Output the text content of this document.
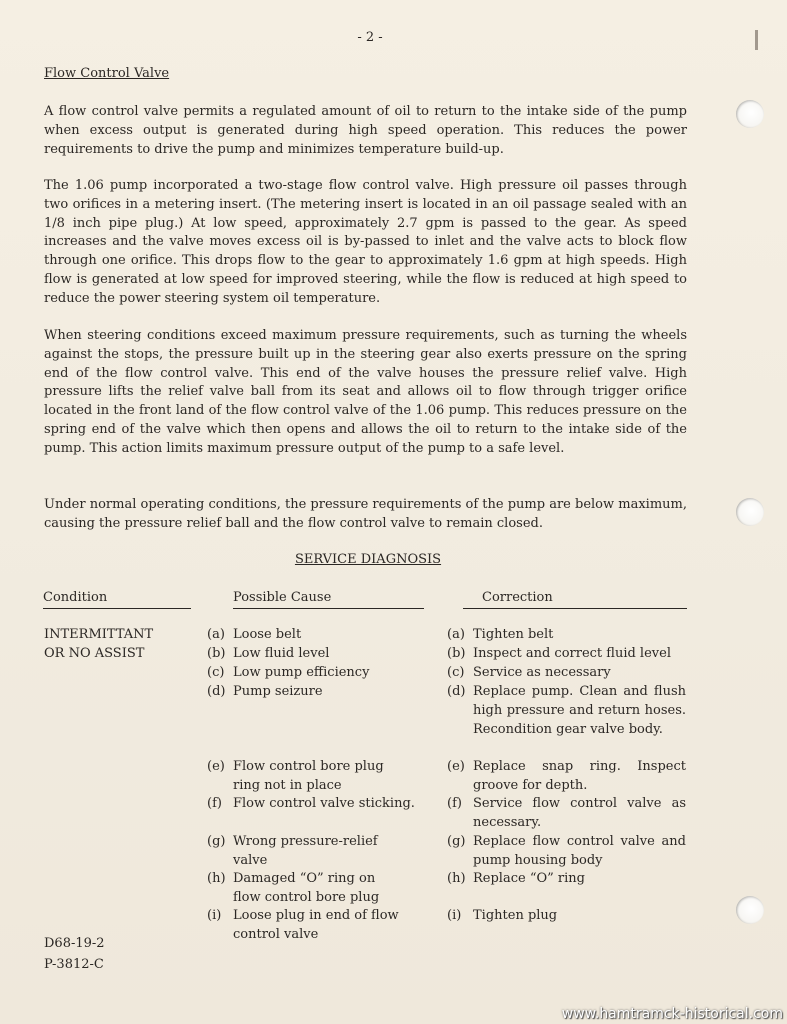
- 2 -
Flow Control Valve

A flow control valve permits a regulated amount of oil to return to the intake side of the pump when excess output is generated during high speed operation. This reduces the power requirements to drive the pump and minimizes temperature build-up.

The 1.06 pump incorporated a two-stage flow control valve. High pressure oil passes through two orifices in a metering insert. (The metering insert is located in an oil passage sealed with an 1/8 inch pipe plug.) At low speed, approximately 2.7 gpm is passed to the gear. As speed increases and the valve moves excess oil is by-passed to inlet and the valve acts to block flow through one orifice. This drops flow to the gear to approximately 1.6 gpm at high speeds. High flow is generated at low speed for improved steering, while the flow is reduced at high speed to reduce the power steering system oil temperature.

When steering conditions exceed maximum pressure requirements, such as turning the wheels against the stops, the pressure built up in the steering gear also exerts pressure on the spring end of the flow control valve. This end of the valve houses the pressure relief valve. High pressure lifts the relief valve ball from its seat and allows oil to flow through trigger orifice located in the front land of the flow control valve of the 1.06 pump. This reduces pressure on the spring end of the valve which then opens and allows the oil to return to the intake side of the pump. This action limits maximum pressure output of the pump to a safe level.

Under normal operating conditions, the pressure requirements of the pump are below maximum, causing the pressure relief ball and the flow control valve to remain closed.

SERVICE DIAGNOSIS
Condition	Possible Cause	Correction
INTERMITTANT
OR NO ASSIST
(a) Loose belt
(b) Low fluid level
(c) Low pump efficiency
(d) Pump seizure
(e) Flow control bore plug ring not in place
(f) Flow control valve sticking.
(g) Wrong pressure-relief valve
(h) Damaged “O” ring on flow control bore plug
(i) Loose plug in end of flow control valve
(a) Tighten belt
(b) Inspect and correct fluid level
(c) Service as necessary
(d) Replace pump. Clean and flush high pressure and return hoses. Recondition gear valve body.
(e) Replace snap ring. Inspect groove for depth.
(f) Service flow control valve as necessary.
(g) Replace flow control valve and pump housing body
(h) Replace “O” ring
(i) Tighten plug
D68-19-2
P-3812-C
www.hamtramck-historical.com
